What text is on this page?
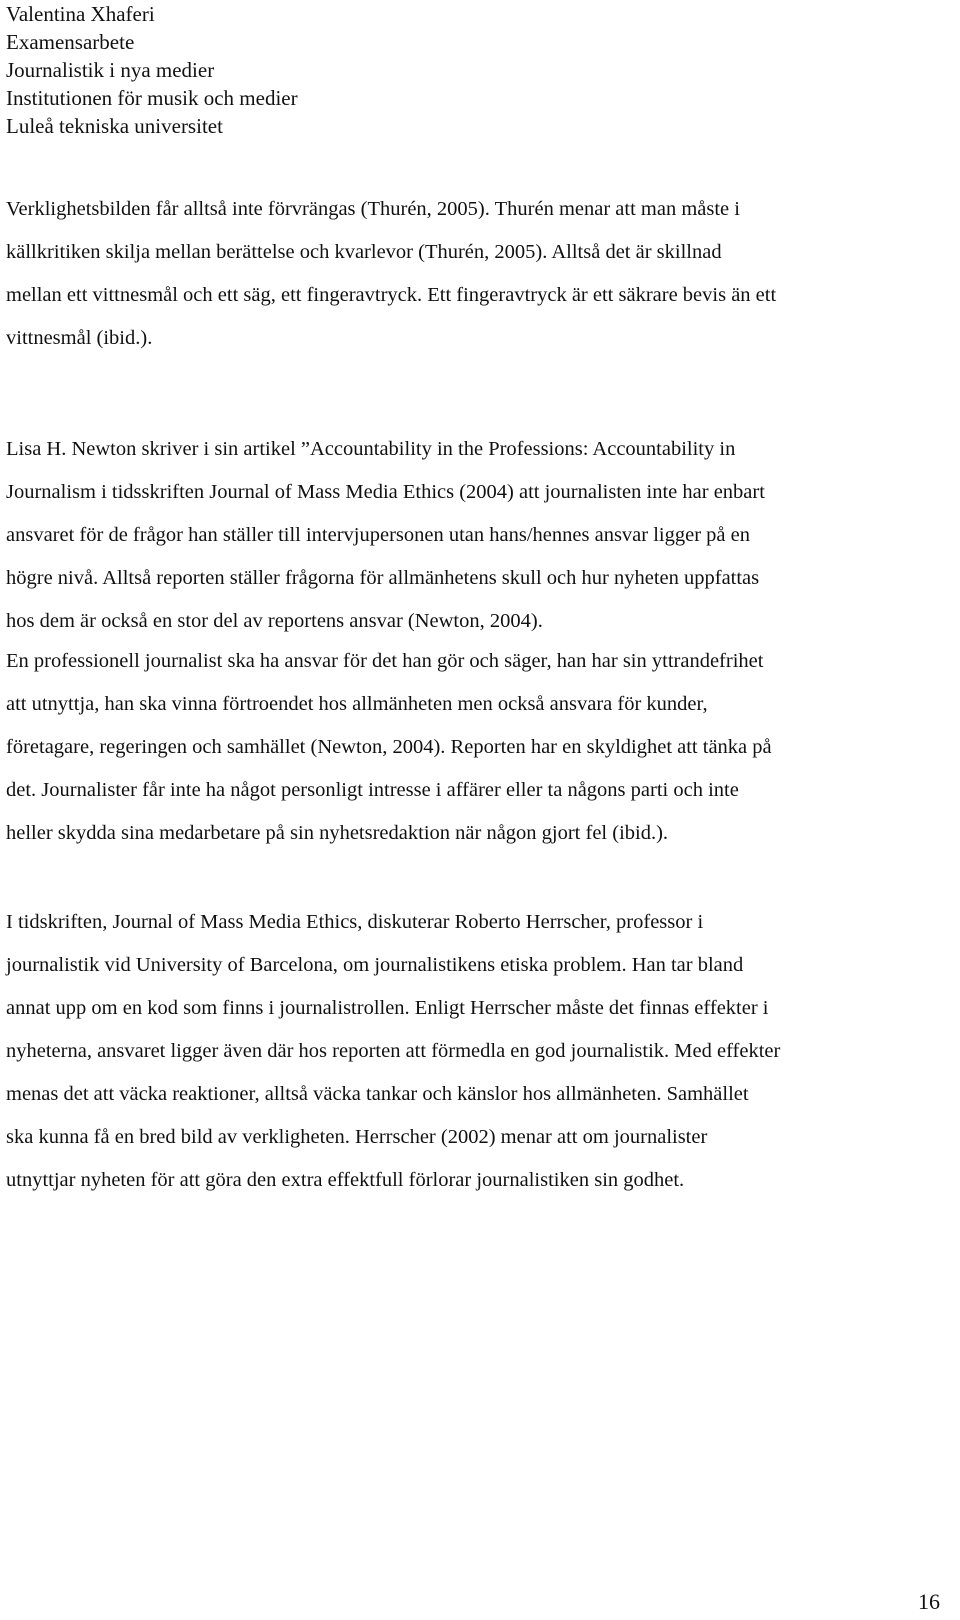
Valentina Xhaferi
Examensarbete
Journalistik i nya medier
Institutionen för musik och medier
Luleå tekniska universitet

Verklighetsbilden får alltså inte förvrängas (Thurén, 2005). Thurén menar att man måste i
källkritiken skilja mellan berättelse och kvarlevor (Thurén, 2005). Alltså det är skillnad
mellan ett vittnesmål och ett säg, ett fingeravtryck. Ett fingeravtryck är ett säkrare bevis än ett
vittnesmål (ibid.).

Lisa H. Newton skriver i sin artikel ”Accountability in the Professions: Accountability in
Journalism i tidsskriften Journal of Mass Media Ethics (2004) att journalisten inte har enbart
ansvaret för de frågor han ställer till intervjupersonen utan hans/hennes ansvar ligger på en
högre nivå. Alltså reporten ställer frågorna för allmänhetens skull och hur nyheten uppfattas
hos dem är också en stor del av reportens ansvar (Newton, 2004).

En professionell journalist ska ha ansvar för det han gör och säger, han har sin yttrandefrihet
att utnyttja, han ska vinna förtroendet hos allmänheten men också ansvara för kunder,
företagare, regeringen och samhället (Newton, 2004). Reporten har en skyldighet att tänka på
det. Journalister får inte ha något personligt intresse i affärer eller ta någons parti och inte
heller skydda sina medarbetare på sin nyhetsredaktion när någon gjort fel (ibid.).

I tidskriften, Journal of Mass Media Ethics, diskuterar Roberto Herrscher, professor i
journalistik vid University of Barcelona, om journalistikens etiska problem. Han tar bland
annat upp om en kod som finns i journalistrollen. Enligt Herrscher måste det finnas effekter i
nyheterna, ansvaret ligger även där hos reporten att förmedla en god journalistik. Med effekter
menas det att väcka reaktioner, alltså väcka tankar och känslor hos allmänheten. Samhället
ska kunna få en bred bild av verkligheten. Herrscher (2002) menar att om journalister
utnyttjar nyheten för att göra den extra effektfull förlorar journalistiken sin godhet.

16
